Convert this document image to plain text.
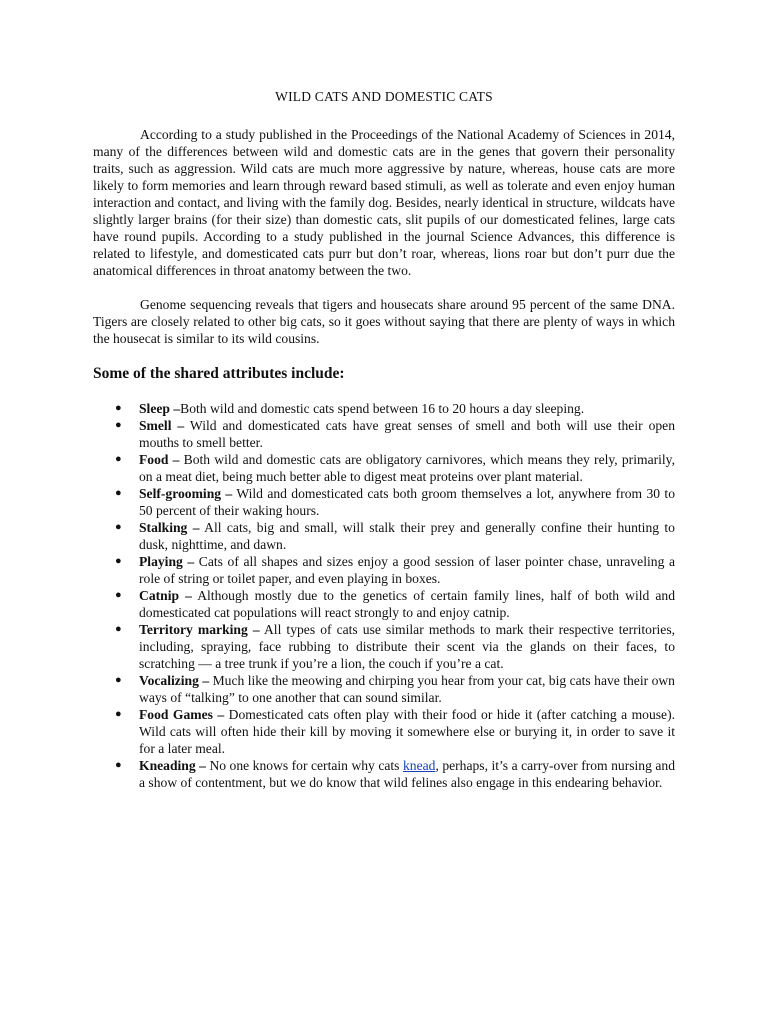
WILD CATS AND DOMESTIC CATS

According to a study published in the Proceedings of the National Academy of Sciences in 2014, many of the differences between wild and domestic cats are in the genes that govern their personality traits, such as aggression. Wild cats are much more aggressive by nature, whereas, house cats are more likely to form memories and learn through reward based stimuli, as well as tolerate and even enjoy human interaction and contact, and living with the family dog. Besides, nearly identical in structure, wildcats have slightly larger brains (for their size) than domestic cats, slit pupils of our domesticated felines, large cats have round pupils. According to a study published in the journal Science Advances, this difference is related to lifestyle, and domesticated cats purr but don’t roar, whereas, lions roar but don’t purr due the anatomical differences in throat anatomy between the two.

Genome sequencing reveals that tigers and housecats share around 95 percent of the same DNA. Tigers are closely related to other big cats, so it goes without saying that there are plenty of ways in which the housecat is similar to its wild cousins.

Some of the shared attributes include:
● Sleep –Both wild and domestic cats spend between 16 to 20 hours a day sleeping.
● Smell – Wild and domesticated cats have great senses of smell and both will use their open mouths to smell better.
● Food – Both wild and domestic cats are obligatory carnivores, which means they rely, primarily, on a meat diet, being much better able to digest meat proteins over plant material.
● Self-grooming – Wild and domesticated cats both groom themselves a lot, anywhere from 30 to 50 percent of their waking hours.
● Stalking – All cats, big and small, will stalk their prey and generally confine their hunting to dusk, nighttime, and dawn.
● Playing – Cats of all shapes and sizes enjoy a good session of laser pointer chase, unraveling a role of string or toilet paper, and even playing in boxes.
● Catnip – Although mostly due to the genetics of certain family lines, half of both wild and domesticated cat populations will react strongly to and enjoy catnip.
● Territory marking – All types of cats use similar methods to mark their respective territories, including, spraying, face rubbing to distribute their scent via the glands on their faces, to scratching — a tree trunk if you’re a lion, the couch if you’re a cat.
● Vocalizing – Much like the meowing and chirping you hear from your cat, big cats have their own ways of “talking” to one another that can sound similar.
● Food Games – Domesticated cats often play with their food or hide it (after catching a mouse). Wild cats will often hide their kill by moving it somewhere else or burying it, in order to save it for a later meal.
● Kneading – No one knows for certain why cats knead, perhaps, it’s a carry-over from nursing and a show of contentment, but we do know that wild felines also engage in this endearing behavior.
